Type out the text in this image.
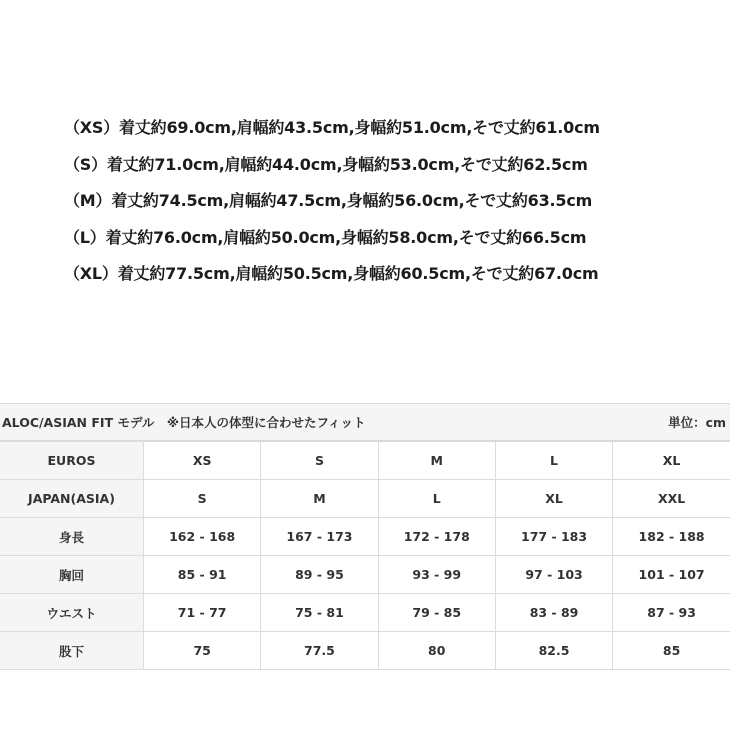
（XS）着丈約69.0cm,肩幅約43.5cm,身幅約51.0cm,そで丈約61.0cm
（S）着丈約71.0cm,肩幅約44.0cm,身幅約53.0cm,そで丈約62.5cm
（M）着丈約74.5cm,肩幅約47.5cm,身幅約56.0cm,そで丈約63.5cm
（L）着丈約76.0cm,肩幅約50.0cm,身幅約58.0cm,そで丈約66.5cm
（XL）着丈約77.5cm,肩幅約50.5cm,身幅約60.5cm,そで丈約67.0cm
ALOC/ASIAN FIT モデル　※日本人の体型に合わせたフィット	単位：cm
EUROS	XS	S	M	L	XL
JAPAN(ASIA)	S	M	L	XL	XXL
身長	162 - 168	167 - 173	172 - 178	177 - 183	182 - 188
胸回	85 - 91	89 - 95	93 - 99	97 - 103	101 - 107
ウエスト	71 - 77	75 - 81	79 - 85	83 - 89	87 - 93
股下	75	77.5	80	82.5	85
